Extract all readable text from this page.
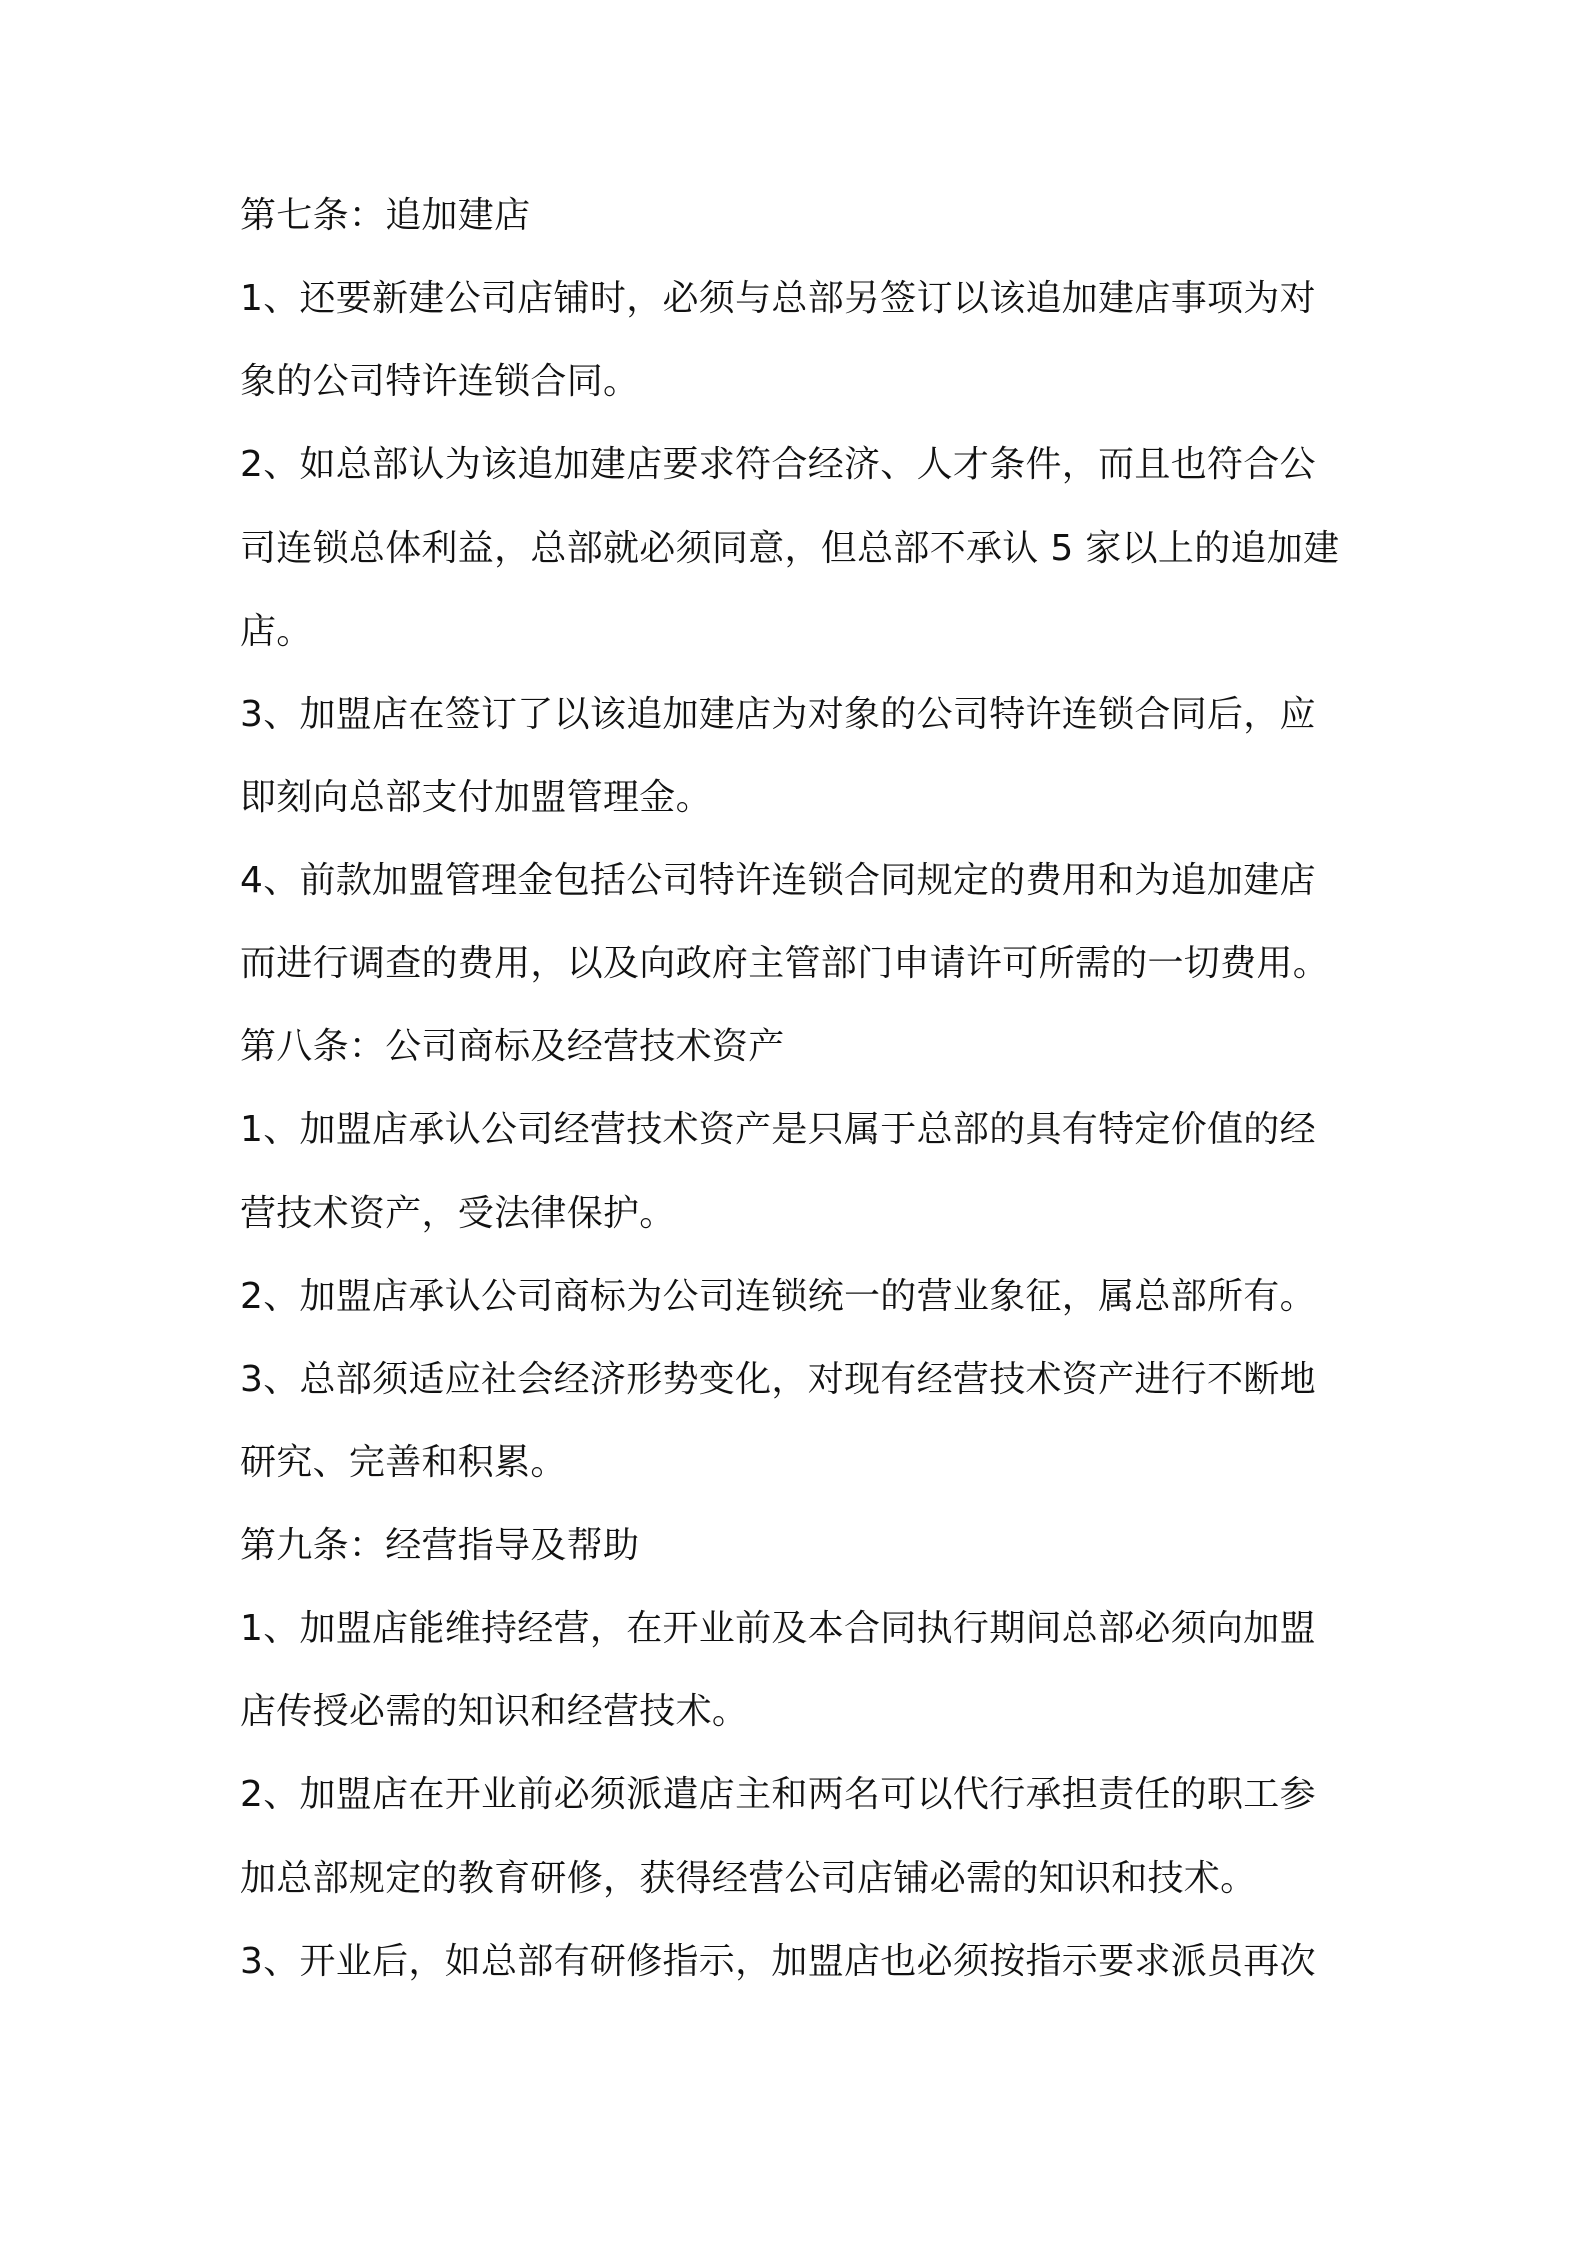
第七条：追加建店
1、还要新建公司店铺时，必须与总部另签订以该追加建店事项为对
象的公司特许连锁合同。
2、如总部认为该追加建店要求符合经济、人才条件，而且也符合公
司连锁总体利益，总部就必须同意，但总部不承认 5 家以上的追加建
店。
3、加盟店在签订了以该追加建店为对象的公司特许连锁合同后，应
即刻向总部支付加盟管理金。
4、前款加盟管理金包括公司特许连锁合同规定的费用和为追加建店
而进行调查的费用，以及向政府主管部门申请许可所需的一切费用。
第八条：公司商标及经营技术资产
1、加盟店承认公司经营技术资产是只属于总部的具有特定价值的经
营技术资产，受法律保护。
2、加盟店承认公司商标为公司连锁统一的营业象征，属总部所有。
3、总部须适应社会经济形势变化，对现有经营技术资产进行不断地
研究、完善和积累。
第九条：经营指导及帮助
1、加盟店能维持经营，在开业前及本合同执行期间总部必须向加盟
店传授必需的知识和经营技术。
2、加盟店在开业前必须派遣店主和两名可以代行承担责任的职工参
加总部规定的教育研修，获得经营公司店铺必需的知识和技术。
3、开业后，如总部有研修指示，加盟店也必须按指示要求派员再次
